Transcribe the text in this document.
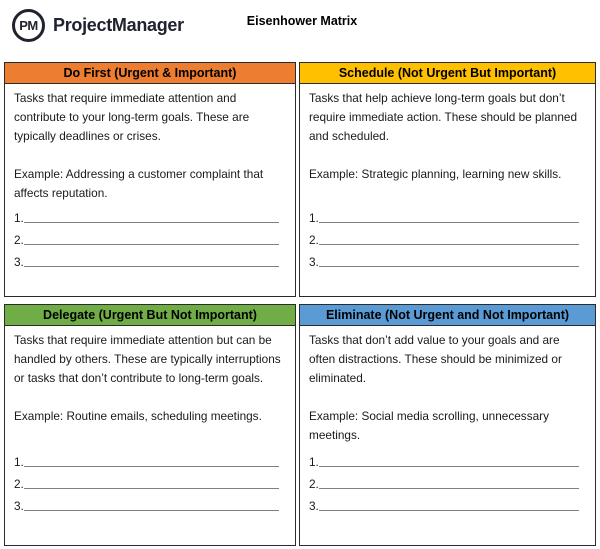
PM ProjectManager	Eisenhower Matrix
Do First (Urgent & Important)
Tasks that require immediate attention and contribute to your long-term goals. These are typically deadlines or crises.
Example: Addressing a customer complaint that affects reputation.
1.
2.
3.
Schedule (Not Urgent But Important)
Tasks that help achieve long-term goals but don’t require immediate action. These should be planned and scheduled.
Example: Strategic planning, learning new skills.
1.
2.
3.
Delegate (Urgent But Not Important)
Tasks that require immediate attention but can be handled by others. These are typically interruptions or tasks that don’t contribute to long-term goals.
Example: Routine emails, scheduling meetings.
1.
2.
3.
Eliminate (Not Urgent and Not Important)
Tasks that don’t add value to your goals and are often distractions. These should be minimized or eliminated.
Example: Social media scrolling, unnecessary meetings.
1.
2.
3.
